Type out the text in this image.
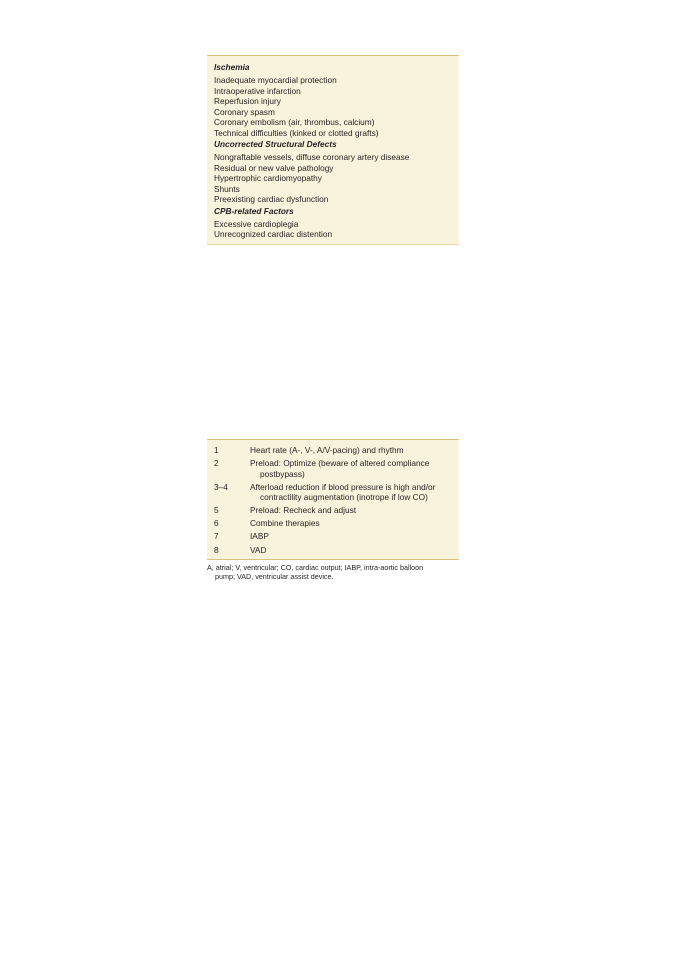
Ischemia

Inadequate myocardial protection
Intraoperative infarction
Reperfusion injury
Coronary spasm
Coronary embolism (air, thrombus, calcium)
Technical difficulties (kinked or clotted grafts)

Uncorrected Structural Defects

Nongraftable vessels, diffuse coronary artery disease
Residual or new valve pathology
Hypertrophic cardiomyopathy
Shunts
Preexisting cardiac dysfunction

CPB-related Factors

Excessive cardioplegia
Unrecognized cardiac distention
1	Heart rate (A-, V-, A/V-pacing) and rhythm
2	Preload: Optimize (beware of altered compliance
postbypass)
3–4	Afterload reduction if blood pressure is high and/or
contractility augmentation (inotrope if low CO)
5	Preload: Recheck and adjust
6	Combine therapies
7	IABP
8	VAD
A, atrial; V, ventricular; CO, cardiac output; IABP, intra-aortic balloon
pump; VAD, ventricular assist device.
